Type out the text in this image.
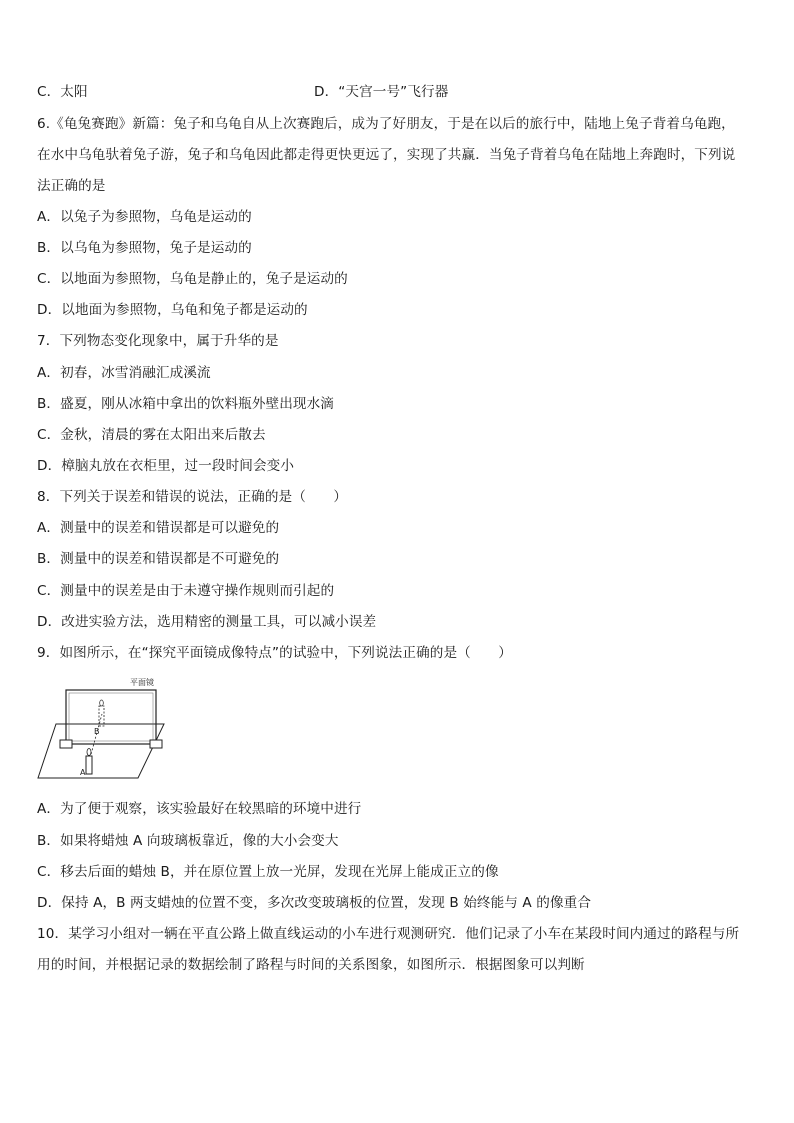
C．太阳	D．“天宫一号”飞行器
6.《龟兔赛跑》新篇：兔子和乌龟自从上次赛跑后，成为了好朋友，于是在以后的旅行中，陆地上兔子背着乌龟跑，
在水中乌龟驮着兔子游，兔子和乌龟因此都走得更快更远了，实现了共赢．当兔子背着乌龟在陆地上奔跑时，下列说
法正确的是
A．以兔子为参照物，乌龟是运动的
B．以乌龟为参照物，兔子是运动的
C．以地面为参照物，乌龟是静止的，兔子是运动的
D．以地面为参照物，乌龟和兔子都是运动的
7．下列物态变化现象中，属于升华的是
A．初春，冰雪消融汇成溪流
B．盛夏，刚从冰箱中拿出的饮料瓶外壁出现水滴
C．金秋，清晨的雾在太阳出来后散去
D．樟脑丸放在衣柜里，过一段时间会变小
8．下列关于误差和错误的说法，正确的是（　　）
A．测量中的误差和错误都是可以避免的
B．测量中的误差和错误都是不可避免的
C．测量中的误差是由于未遵守操作规则而引起的
D．改进实验方法，选用精密的测量工具，可以减小误差
9．如图所示，在“探究平面镜成像特点”的试验中，下列说法正确的是（　　）
平面镜
B
A
A．为了便于观察，该实验最好在较黑暗的环境中进行
B．如果将蜡烛 A 向玻璃板靠近，像的大小会变大
C．移去后面的蜡烛 B，并在原位置上放一光屏，发现在光屏上能成正立的像
D．保持 A，B 两支蜡烛的位置不变，多次改变玻璃板的位置，发现 B 始终能与 A 的像重合
10．某学习小组对一辆在平直公路上做直线运动的小车进行观测研究．他们记录了小车在某段时间内通过的路程与所
用的时间，并根据记录的数据绘制了路程与时间的关系图象，如图所示．根据图象可以判断
